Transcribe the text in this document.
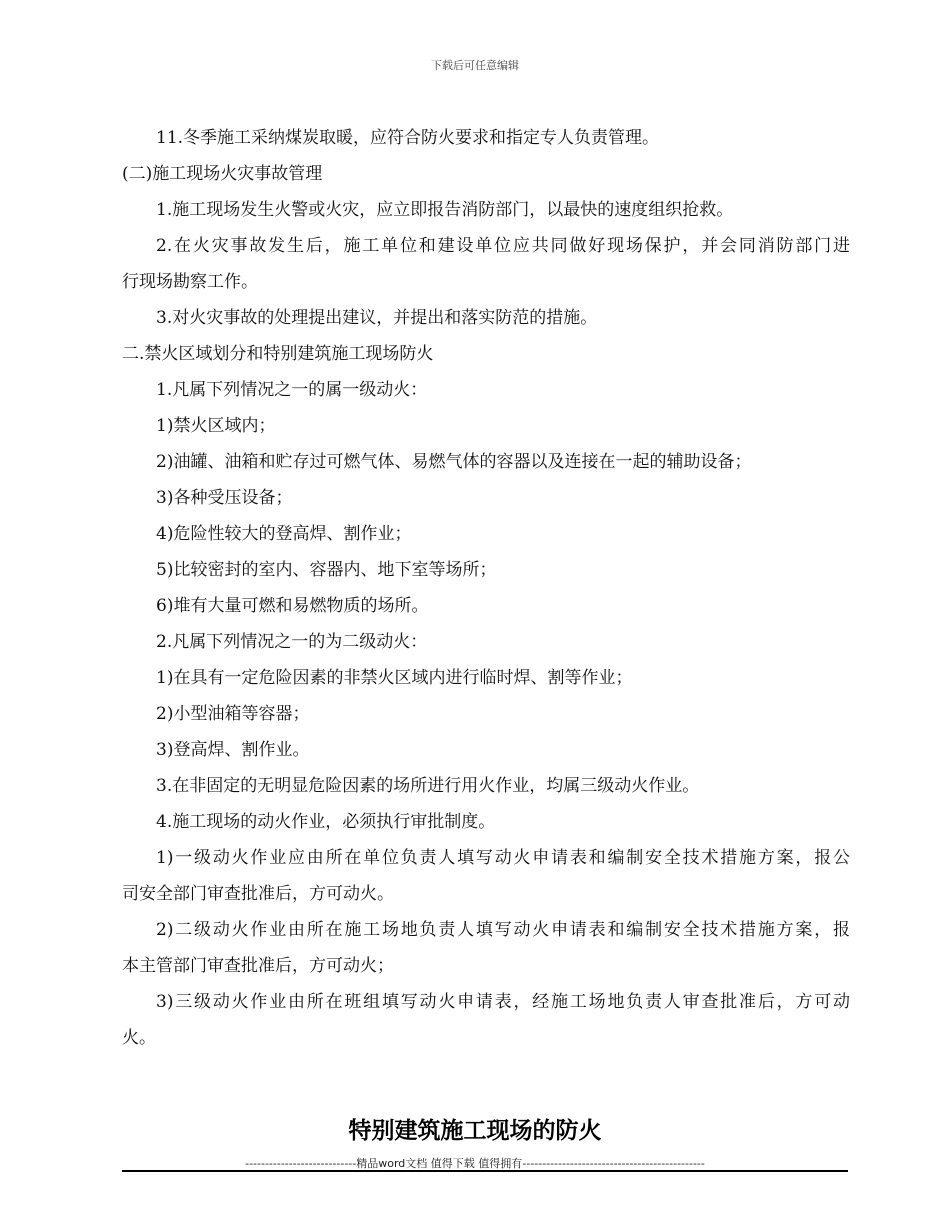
下载后可任意编辑

11.冬季施工采纳煤炭取暖，应符合防火要求和指定专人负责管理。

(二)施工现场火灾事故管理

1.施工现场发生火警或火灾，应立即报告消防部门，以最快的速度组织抢救。

2.在火灾事故发生后，施工单位和建设单位应共同做好现场保护，并会同消防部门进

行现场勘察工作。

3.对火灾事故的处理提出建议，并提出和落实防范的措施。

二.禁火区域划分和特别建筑施工现场防火

1.凡属下列情况之一的属一级动火：

1)禁火区域内；

2)油罐、油箱和贮存过可燃气体、易燃气体的容器以及连接在一起的辅助设备；

3)各种受压设备；

4)危险性较大的登高焊、割作业；

5)比较密封的室内、容器内、地下室等场所；

6)堆有大量可燃和易燃物质的场所。

2.凡属下列情况之一的为二级动火：

1)在具有一定危险因素的非禁火区域内进行临时焊、割等作业；

2)小型油箱等容器；

3)登高焊、割作业。

3.在非固定的无明显危险因素的场所进行用火作业，均属三级动火作业。

4.施工现场的动火作业，必须执行审批制度。

1)一级动火作业应由所在单位负责人填写动火申请表和编制安全技术措施方案，报公

司安全部门审查批准后，方可动火。

2)二级动火作业由所在施工场地负责人填写动火申请表和编制安全技术措施方案，报

本主管部门审查批准后，方可动火；

3)三级动火作业由所在班组填写动火申请表，经施工场地负责人审查批准后，方可动

火。

特别建筑施工现场的防火
----------------------------精品word文档 值得下载 值得拥有----------------------------------------------
